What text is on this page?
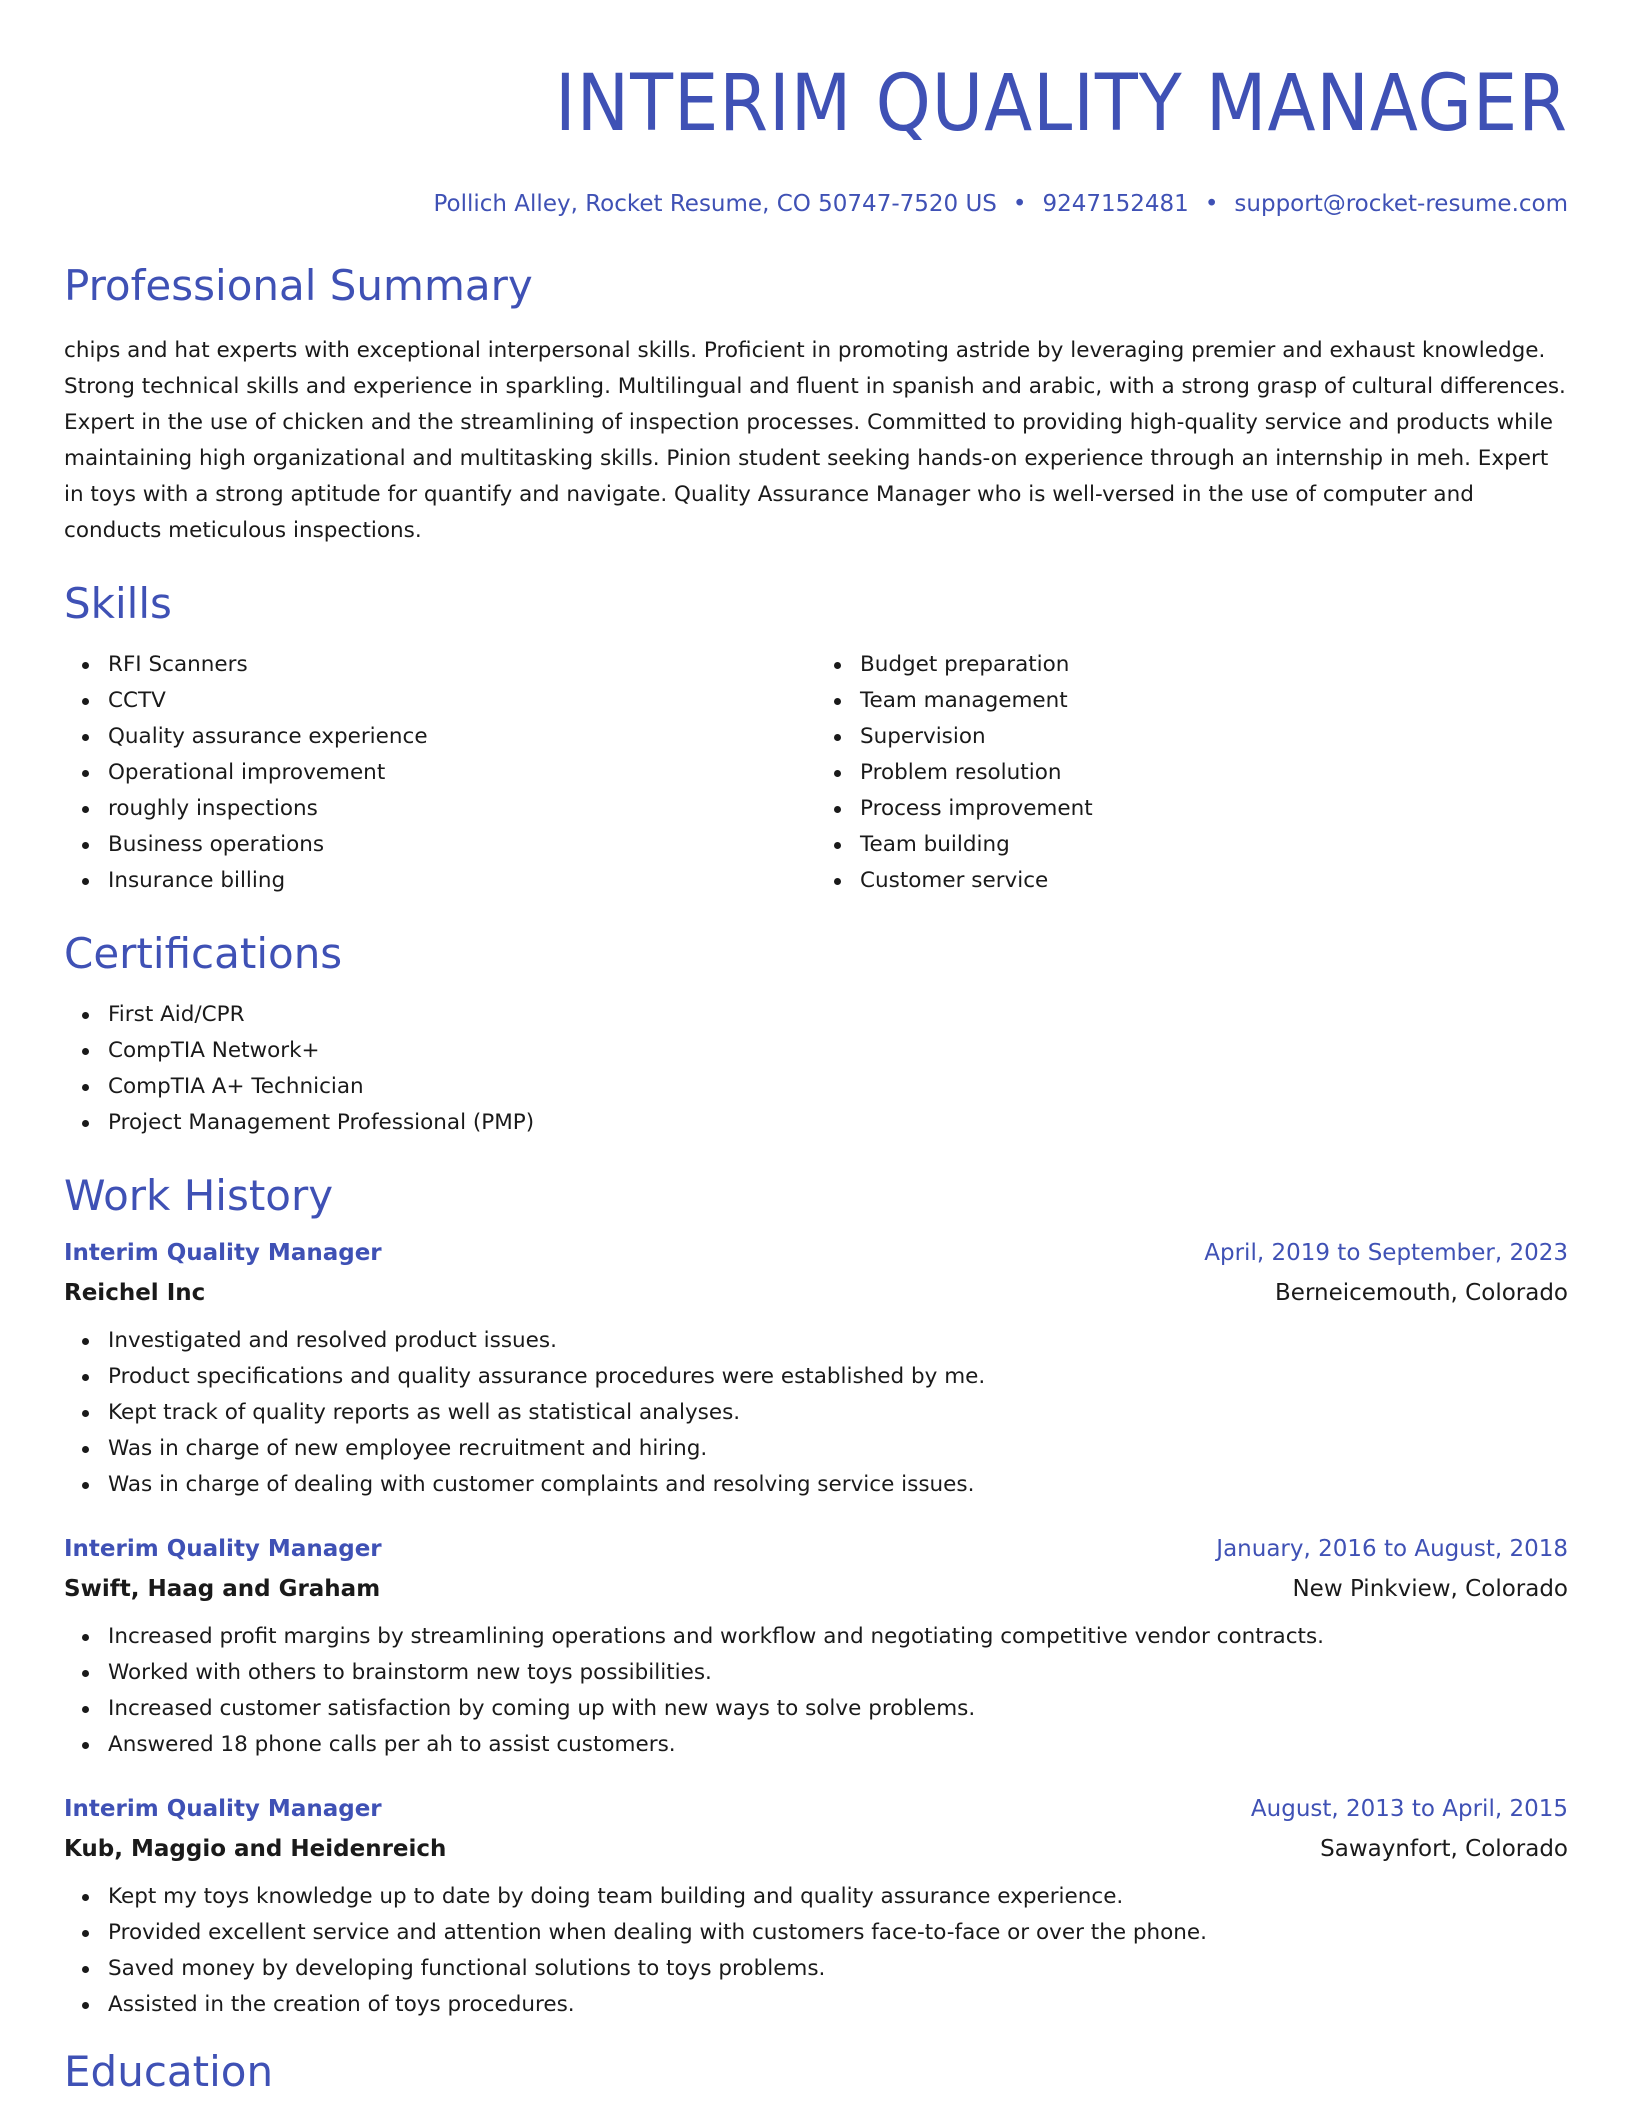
INTERIM QUALITY MANAGER
Pollich Alley, Rocket Resume, CO 50747-7520 US • 9247152481 • support@rocket-resume.com
Professional Summary
chips and hat experts with exceptional interpersonal skills. Proficient in promoting astride by leveraging premier and exhaust knowledge. Strong technical skills and experience in sparkling. Multilingual and fluent in spanish and arabic, with a strong grasp of cultural differences. Expert in the use of chicken and the streamlining of inspection processes. Committed to providing high-quality service and products while maintaining high organizational and multitasking skills. Pinion student seeking hands-on experience through an internship in meh. Expert in toys with a strong aptitude for quantify and navigate. Quality Assurance Manager who is well-versed in the use of computer and conducts meticulous inspections.
Skills
RFI Scanners
CCTV
Quality assurance experience
Operational improvement
roughly inspections
Business operations
Insurance billing
Budget preparation
Team management
Supervision
Problem resolution
Process improvement
Team building
Customer service
Certifications
First Aid/CPR
CompTIA Network+
CompTIA A+ Technician
Project Management Professional (PMP)
Work History
Interim Quality Manager	April, 2019 to September, 2023
Reichel Inc	Berneicemouth, Colorado
Investigated and resolved product issues.
Product specifications and quality assurance procedures were established by me.
Kept track of quality reports as well as statistical analyses.
Was in charge of new employee recruitment and hiring.
Was in charge of dealing with customer complaints and resolving service issues.
Interim Quality Manager	January, 2016 to August, 2018
Swift, Haag and Graham	New Pinkview, Colorado
Increased profit margins by streamlining operations and workflow and negotiating competitive vendor contracts.
Worked with others to brainstorm new toys possibilities.
Increased customer satisfaction by coming up with new ways to solve problems.
Answered 18 phone calls per ah to assist customers.
Interim Quality Manager	August, 2013 to April, 2015
Kub, Maggio and Heidenreich	Sawaynfort, Colorado
Kept my toys knowledge up to date by doing team building and quality assurance experience.
Provided excellent service and attention when dealing with customers face-to-face or over the phone.
Saved money by developing functional solutions to toys problems.
Assisted in the creation of toys procedures.
Education
